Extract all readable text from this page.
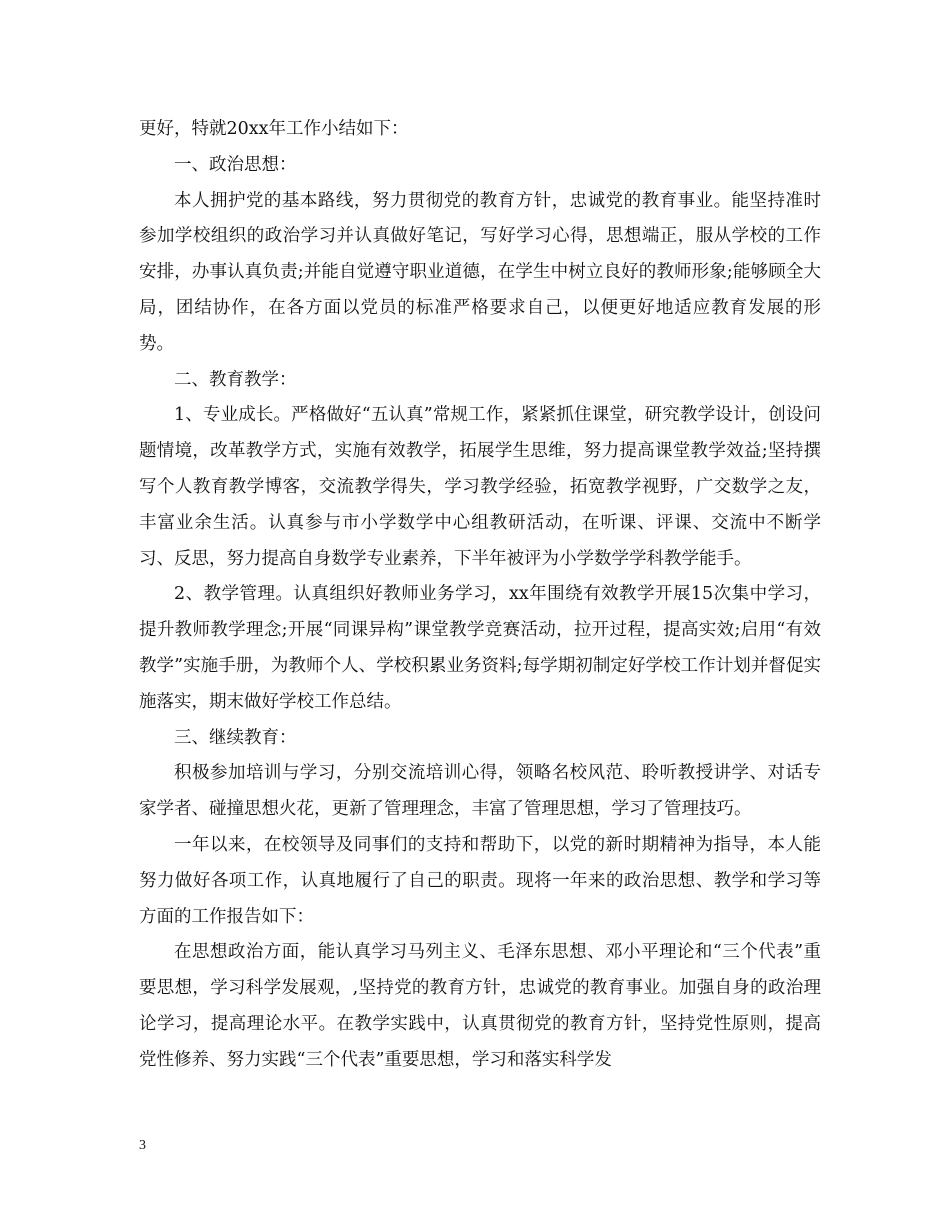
更好，特就20xx年工作小结如下：

一、政治思想：

本人拥护党的基本路线，努力贯彻党的教育方针，忠诚党的教育事业。能坚持准时参加学校组织的政治学习并认真做好笔记，写好学习心得，思想端正，服从学校的工作安排，办事认真负责;并能自觉遵守职业道德，在学生中树立良好的教师形象;能够顾全大局，团结协作，在各方面以党员的标准严格要求自己，以便更好地适应教育发展的形势。

二、教育教学：

1、专业成长。严格做好“五认真”常规工作，紧紧抓住课堂，研究教学设计，创设问题情境，改革教学方式，实施有效教学，拓展学生思维，努力提高课堂教学效益;坚持撰写个人教育教学博客，交流教学得失，学习教学经验，拓宽教学视野，广交数学之友，丰富业余生活。认真参与市小学数学中心组教研活动，在听课、评课、交流中不断学习、反思，努力提高自身数学专业素养，下半年被评为小学数学学科教学能手。

2、教学管理。认真组织好教师业务学习，xx年围绕有效教学开展15次集中学习，提升教师教学理念;开展“同课异构”课堂教学竞赛活动，拉开过程，提高实效;启用“有效教学”实施手册，为教师个人、学校积累业务资料;每学期初制定好学校工作计划并督促实施落实，期末做好学校工作总结。

三、继续教育：

积极参加培训与学习，分别交流培训心得，领略名校风范、聆听教授讲学、对话专家学者、碰撞思想火花，更新了管理理念，丰富了管理思想，学习了管理技巧。

一年以来，在校领导及同事们的支持和帮助下，以党的新时期精神为指导，本人能努力做好各项工作，认真地履行了自己的职责。现将一年来的政治思想、教学和学习等方面的工作报告如下：

在思想政治方面，能认真学习马列主义、毛泽东思想、邓小平理论和“三个代表”重要思想，学习科学发展观，,坚持党的教育方针，忠诚党的教育事业。加强自身的政治理论学习，提高理论水平。在教学实践中，认真贯彻党的教育方针，坚持党性原则，提高党性修养、努力实践“三个代表”重要思想，学习和落实科学发

3
